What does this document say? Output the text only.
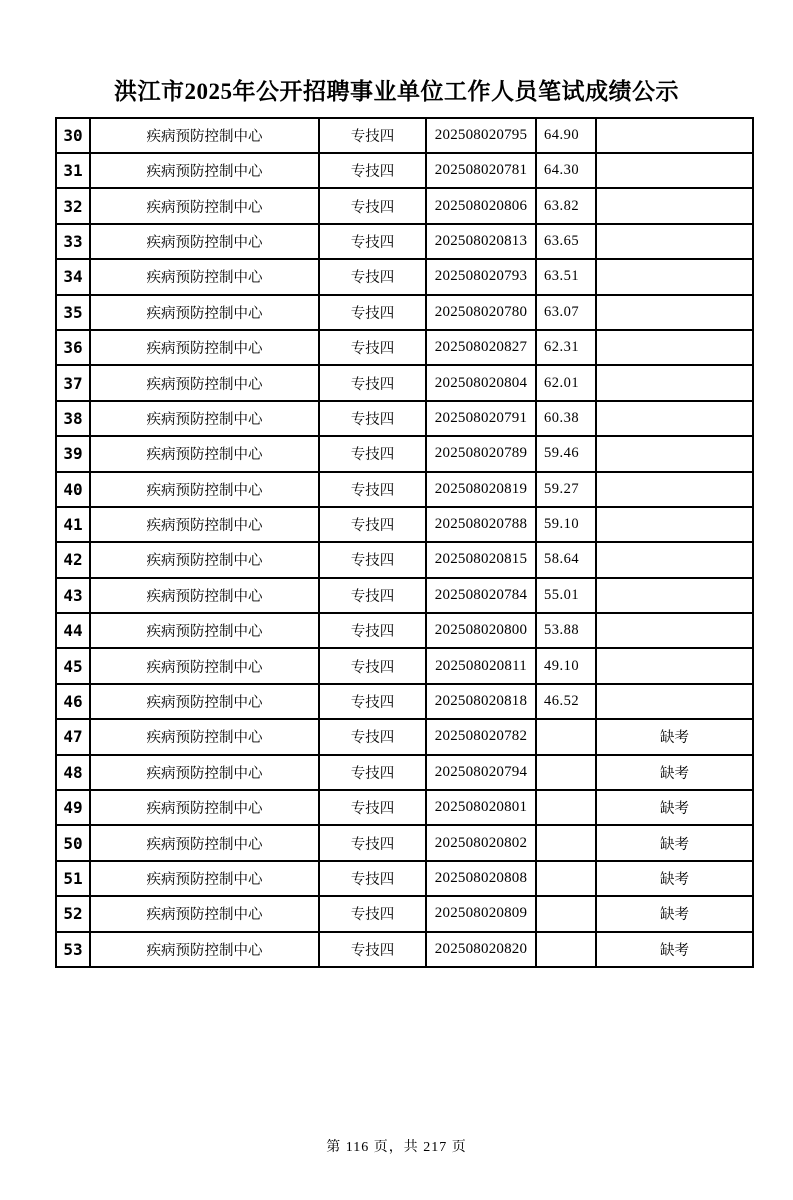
洪江市2025年公开招聘事业单位工作人员笔试成绩公示
30	疾病预防控制中心	专技四	202508020795	64.90	
31	疾病预防控制中心	专技四	202508020781	64.30	
32	疾病预防控制中心	专技四	202508020806	63.82	
33	疾病预防控制中心	专技四	202508020813	63.65	
34	疾病预防控制中心	专技四	202508020793	63.51	
35	疾病预防控制中心	专技四	202508020780	63.07	
36	疾病预防控制中心	专技四	202508020827	62.31	
37	疾病预防控制中心	专技四	202508020804	62.01	
38	疾病预防控制中心	专技四	202508020791	60.38	
39	疾病预防控制中心	专技四	202508020789	59.46	
40	疾病预防控制中心	专技四	202508020819	59.27	
41	疾病预防控制中心	专技四	202508020788	59.10	
42	疾病预防控制中心	专技四	202508020815	58.64	
43	疾病预防控制中心	专技四	202508020784	55.01	
44	疾病预防控制中心	专技四	202508020800	53.88	
45	疾病预防控制中心	专技四	202508020811	49.10	
46	疾病预防控制中心	专技四	202508020818	46.52	
47	疾病预防控制中心	专技四	202508020782		缺考
48	疾病预防控制中心	专技四	202508020794		缺考
49	疾病预防控制中心	专技四	202508020801		缺考
50	疾病预防控制中心	专技四	202508020802		缺考
51	疾病预防控制中心	专技四	202508020808		缺考
52	疾病预防控制中心	专技四	202508020809		缺考
53	疾病预防控制中心	专技四	202508020820		缺考
第 116 页，共 217 页
